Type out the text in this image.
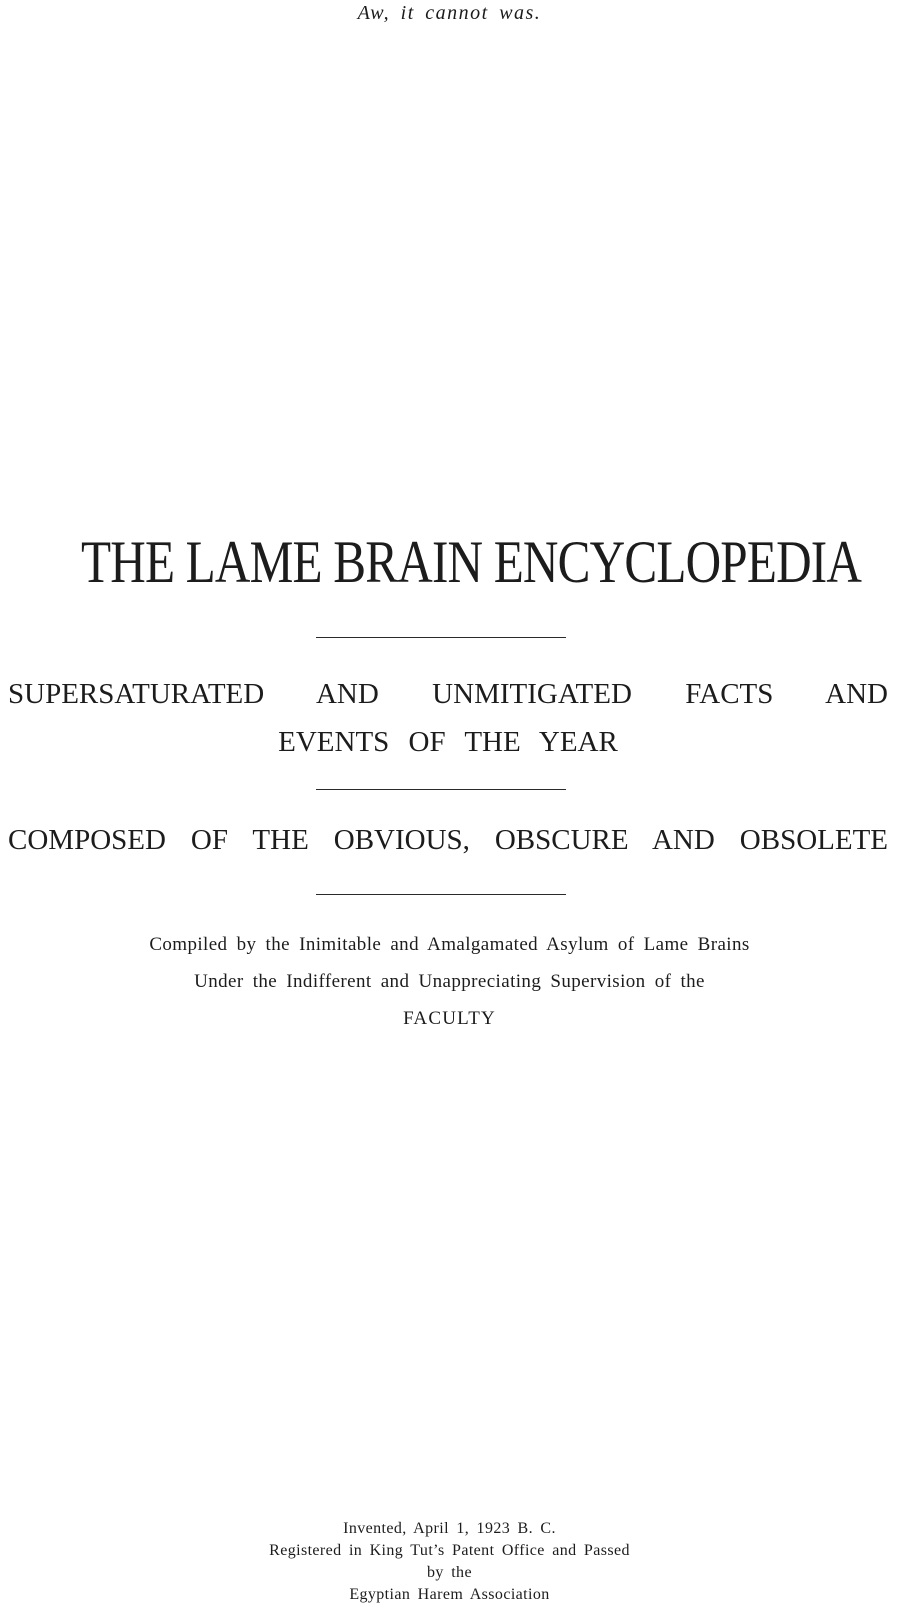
Aw, it cannot was.
THE LAME BRAIN ENCYCLOPEDIA
SUPERSATURATED AND UNMITIGATED FACTS AND
EVENTS OF THE YEAR
COMPOSED OF THE OBVIOUS, OBSCURE AND OBSOLETE
Compiled by the Inimitable and Amalgamated Asylum of Lame Brains
Under the Indifferent and Unappreciating Supervision of the
FACULTY
Invented, April 1, 1923 B. C.
Registered in King Tut’s Patent Office and Passed
by the
Egyptian Harem Association
